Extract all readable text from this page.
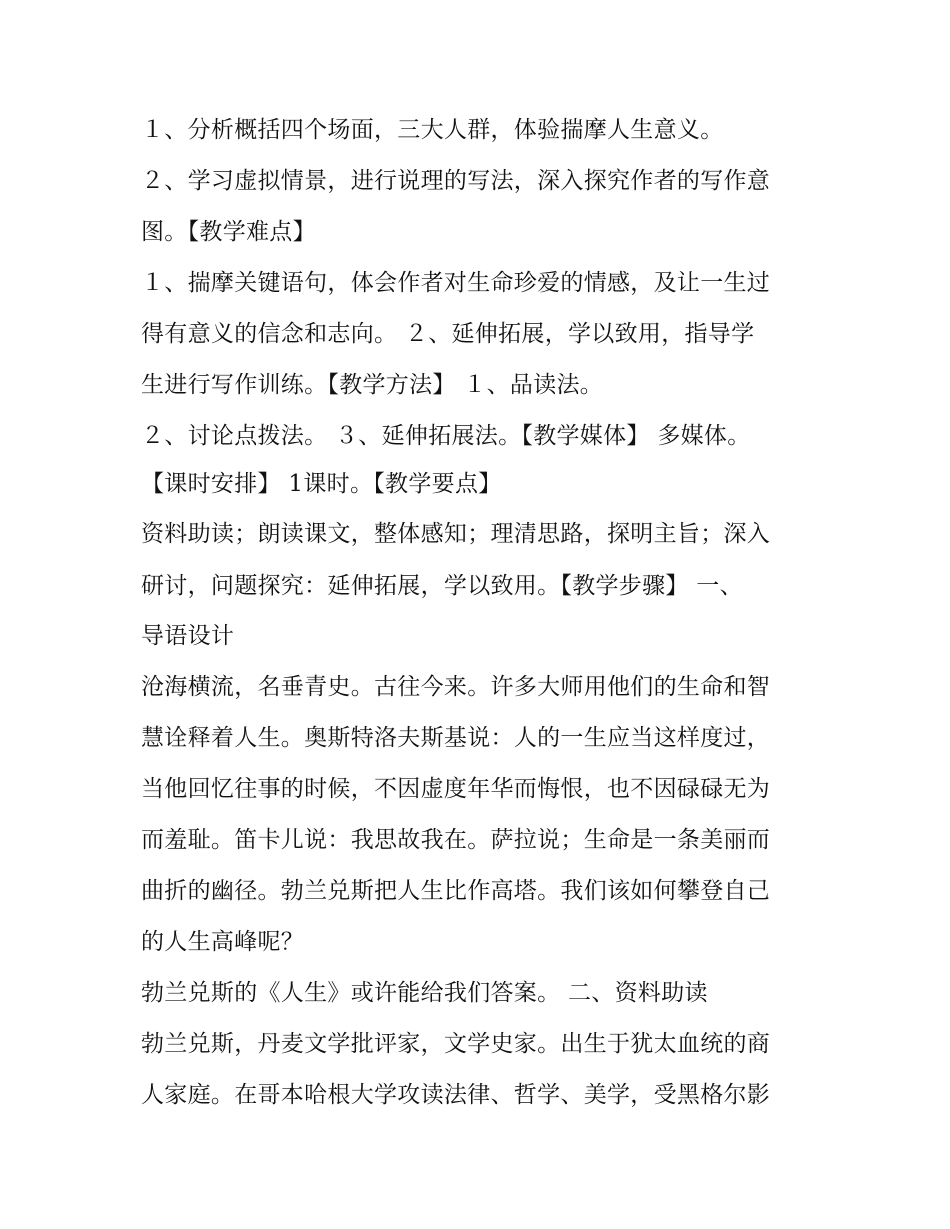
１、分析概括四个场面，三大人群，体验揣摩人生意义。
２、学习虚拟情景，进行说理的写法，深入探究作者的写作意
图。【教学难点】
１、揣摩关键语句，体会作者对生命珍爱的情感，及让一生过
得有意义的信念和志向。 ２、延伸拓展，学以致用，指导学
生进行写作训练。【教学方法】 １、品读法。
２、讨论点拨法。 ３、延伸拓展法。【教学媒体】 多媒体。
【课时安排】 1课时。【教学要点】
资料助读；朗读课文，整体感知；理清思路，探明主旨；深入
研讨，问题探究：延伸拓展，学以致用。【教学步骤】 一、
导语设计
沧海横流，名垂青史。古往今来。许多大师用他们的生命和智
慧诠释着人生。奥斯特洛夫斯基说：人的一生应当这样度过，
当他回忆往事的时候，不因虚度年华而悔恨，也不因碌碌无为
而羞耻。笛卡儿说：我思故我在。萨拉说；生命是一条美丽而
曲折的幽径。勃兰兑斯把人生比作高塔。我们该如何攀登自己
的人生高峰呢？
勃兰兑斯的《人生》或许能给我们答案。 二、资料助读
勃兰兑斯，丹麦文学批评家，文学史家。出生于犹太血统的商
人家庭。在哥本哈根大学攻读法律、哲学、美学，受黑格尔影
